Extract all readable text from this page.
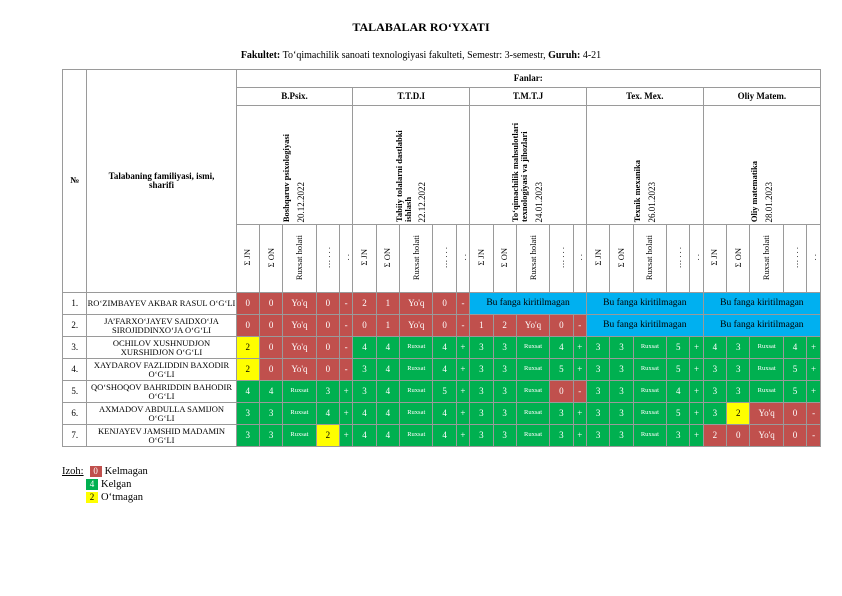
TALABALAR RO‘YXATI
Fakultet: To‘qimachilik sanoati texnologiyasi fakulteti, Semestr: 3-semestr, Guruh: 4-21
№	Talabaning familiyasi, ismi, sharifi	Fanlar:																								
		B.Psix.					T.T.D.I					T.M.T.J					Tex. Mex.					Oliy Matem.				

		Boshqaruv psixologiyasi 20.12.2022					Tabiiy tolalarni dastlabki ishlash 22.12.2022					To‘qimachilik mahsulotlari texnologiyasi va jihozlari 24.01.2023					Texnik mexanika 26.01.2023					Oliy matematika 28.01.2023				

		Σ JN	Σ ON	Ruxsat holati	… . . .	. .	Σ JN	Σ ON	Ruxsat holati	… . . .	. .	Σ JN	Σ ON	Ruxsat holati	… . . .	. .	Σ JN	Σ ON	Ruxsat holati	… . . .	. .	Σ JN	Σ ON	Ruxsat holati	… . . .	. .
1.	RO‘ZIMBAYEV AKBAR RASUL O‘G‘LI	0	0	Yo'q	0	-	2	1	Yo'q	0	-	Bu fanga kiritilmagan					Bu fanga kiritilmagan					Bu fanga kiritilmagan				
2.	JA’FARXO‘JAYEV SAIDXO‘JA SIROJIDDINXO‘JA O‘G‘LI	0	0	Yo'q	0	-	0	1	Yo'q	0	-	1	2	Yo'q	0	-	Bu fanga kiritilmagan					Bu fanga kiritilmagan				
3.	OCHILOV XUSHNUDJON XURSHIDJON O‘G‘LI	2	0	Yo'q	0	-	4	4	Ruxsat	4	+	3	3	Ruxsat	4	+	3	3	Ruxsat	5	+	4	3	Ruxsat	4	+
4.	XAYDAROV FAZLIDDIN BAXODIR O‘G‘LI	2	0	Yo'q	0	-	3	4	Ruxsat	4	+	3	3	Ruxsat	5	+	3	3	Ruxsat	5	+	3	3	Ruxsat	5	+
5.	QO‘SHOQOV BAHRIDDIN BAHODIR O‘G‘LI	4	4	Ruxsat	3	+	3	4	Ruxsat	5	+	3	3	Ruxsat	0	-	3	3	Ruxsat	4	+	3	3	Ruxsat	5	+
6.	AXMADOV ABDULLA SAMIJON O‘G‘LI	3	3	Ruxsat	4	+	4	4	Ruxsat	4	+	3	3	Ruxsat	3	+	3	3	Ruxsat	5	+	3	2	Yo'q	0	-
7.	KENJAYEV JAMSHID MADAMIN O‘G‘LI	3	3	Ruxsat	2	+	4	4	Ruxsat	4	+	3	3	Ruxsat	3	+	3	3	Ruxsat	3	+	2	0	Yo'q	0	-
Izoh:	0 Kelmagan
4 Kelgan
2 O‘tmagan
